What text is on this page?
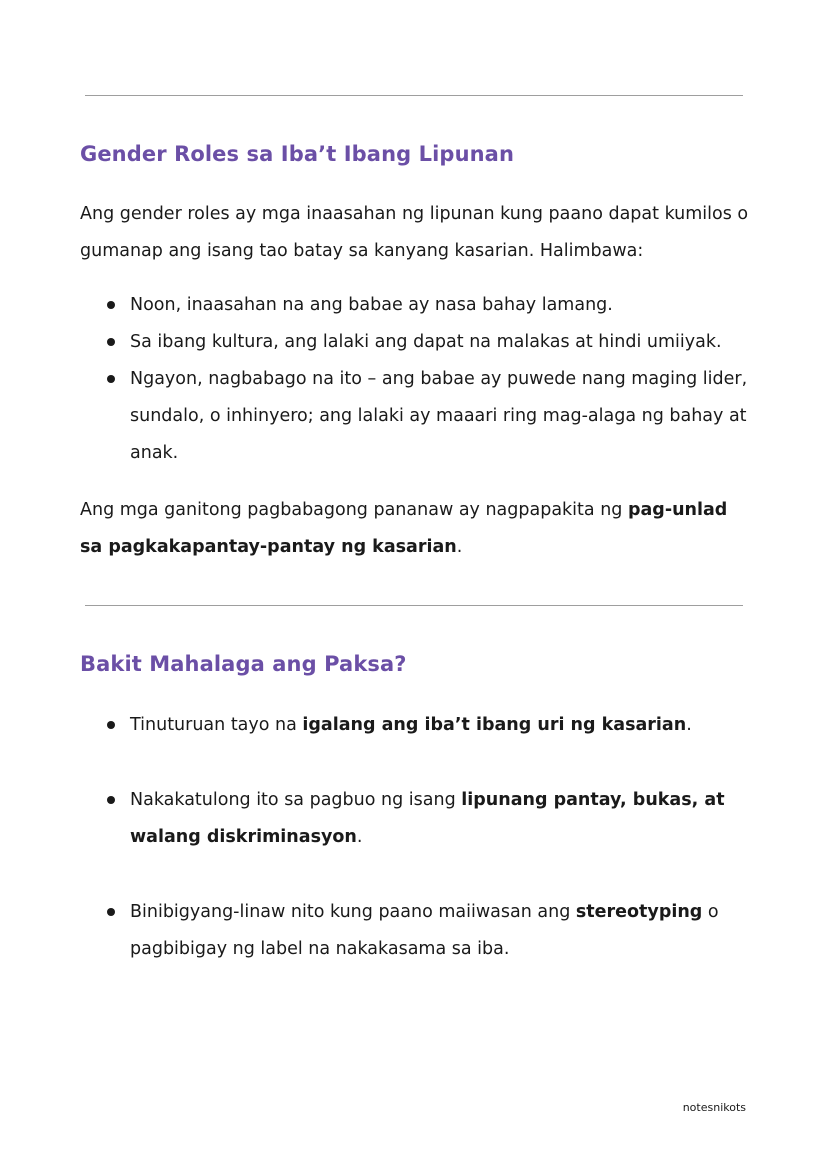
Gender Roles sa Iba’t Ibang Lipunan

Ang gender roles ay mga inaasahan ng lipunan kung paano dapat kumilos o gumanap ang isang tao batay sa kanyang kasarian. Halimbawa:

Noon, inaasahan na ang babae ay nasa bahay lamang.
Sa ibang kultura, ang lalaki ang dapat na malakas at hindi umiiyak.
Ngayon, nagbabago na ito – ang babae ay puwede nang maging lider, sundalo, o inhinyero; ang lalaki ay maaari ring mag-alaga ng bahay at anak.

Ang mga ganitong pagbabagong pananaw ay nagpapakita ng pag-unlad sa pagkakapantay-pantay ng kasarian.

Bakit Mahalaga ang Paksa?
Tinuturuan tayo na igalang ang iba’t ibang uri ng kasarian.
Nakakatulong ito sa pagbuo ng isang lipunang pantay, bukas, at walang diskriminasyon.
Binibigyang-linaw nito kung paano maiiwasan ang stereotyping o pagbibigay ng label na nakakasama sa iba.
notesnikots
